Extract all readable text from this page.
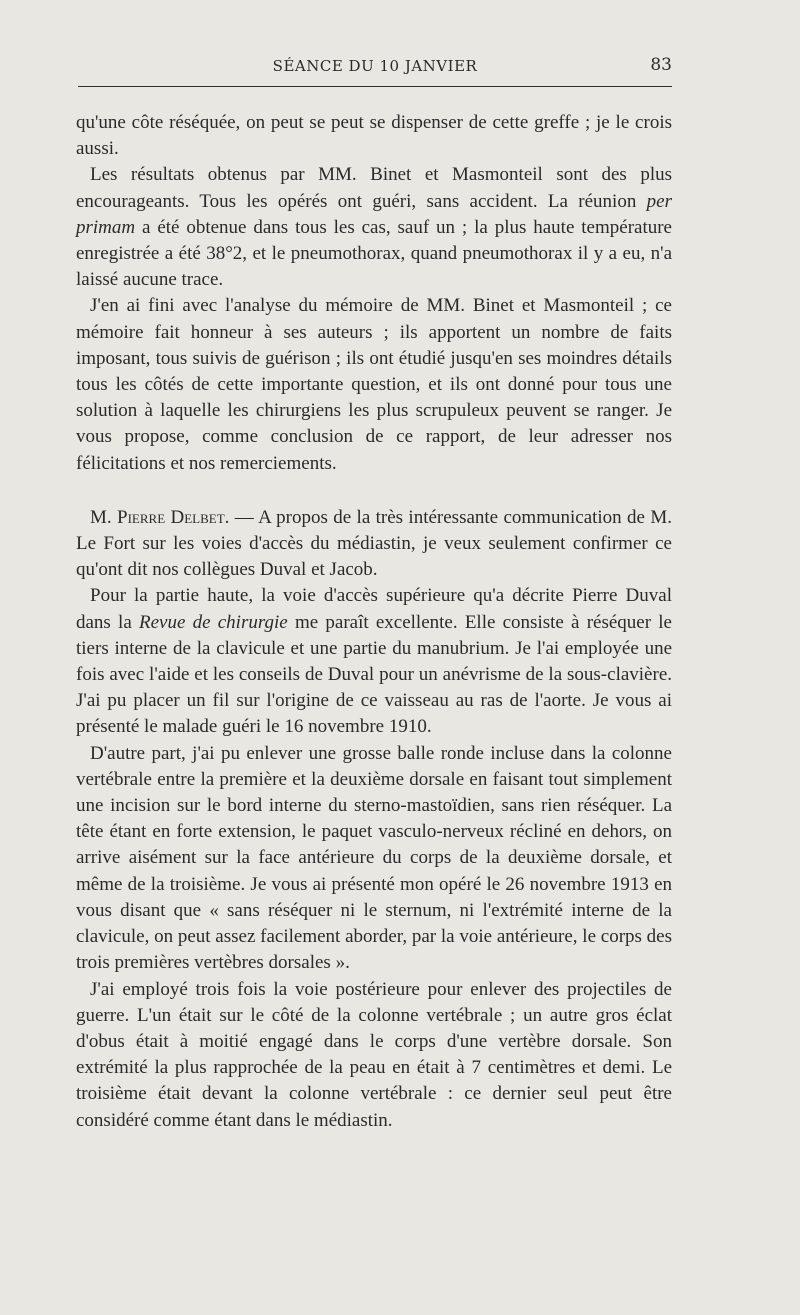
SÉANCE DU 10 JANVIER	83

qu'une côte réséquée, on peut se peut se dispenser de cette greffe ; je le crois aussi.

Les résultats obtenus par MM. Binet et Masmonteil sont des plus encourageants. Tous les opérés ont guéri, sans accident. La réunion per primam a été obtenue dans tous les cas, sauf un ; la plus haute température enregistrée a été 38°2, et le pneumothorax, quand pneumothorax il y a eu, n'a laissé aucune trace.

J'en ai fini avec l'analyse du mémoire de MM. Binet et Masmonteil ; ce mémoire fait honneur à ses auteurs ; ils apportent un nombre de faits imposant, tous suivis de guérison ; ils ont étudié jusqu'en ses moindres détails tous les côtés de cette importante question, et ils ont donné pour tous une solution à laquelle les chirurgiens les plus scrupuleux peuvent se ranger. Je vous propose, comme conclusion de ce rapport, de leur adresser nos félicitations et nos remerciements.

M. Pierre Delbet. — A propos de la très intéressante communication de M. Le Fort sur les voies d'accès du médiastin, je veux seulement confirmer ce qu'ont dit nos collègues Duval et Jacob.

Pour la partie haute, la voie d'accès supérieure qu'a décrite Pierre Duval dans la Revue de chirurgie me paraît excellente. Elle consiste à réséquer le tiers interne de la clavicule et une partie du manubrium. Je l'ai employée une fois avec l'aide et les conseils de Duval pour un anévrisme de la sous-clavière. J'ai pu placer un fil sur l'origine de ce vaisseau au ras de l'aorte. Je vous ai présenté le malade guéri le 16 novembre 1910.

D'autre part, j'ai pu enlever une grosse balle ronde incluse dans la colonne vertébrale entre la première et la deuxième dorsale en faisant tout simplement une incision sur le bord interne du sterno-mastoïdien, sans rien réséquer. La tête étant en forte extension, le paquet vasculo-nerveux récliné en dehors, on arrive aisément sur la face antérieure du corps de la deuxième dorsale, et même de la troisième. Je vous ai présenté mon opéré le 26 novembre 1913 en vous disant que « sans réséquer ni le sternum, ni l'extrémité interne de la clavicule, on peut assez facilement aborder, par la voie antérieure, le corps des trois premières vertèbres dorsales ».

J'ai employé trois fois la voie postérieure pour enlever des projectiles de guerre. L'un était sur le côté de la colonne vertébrale ; un autre gros éclat d'obus était à moitié engagé dans le corps d'une vertèbre dorsale. Son extrémité la plus rapprochée de la peau en était à 7 centimètres et demi. Le troisième était devant la colonne vertébrale : ce dernier seul peut être considéré comme étant dans le médiastin.
